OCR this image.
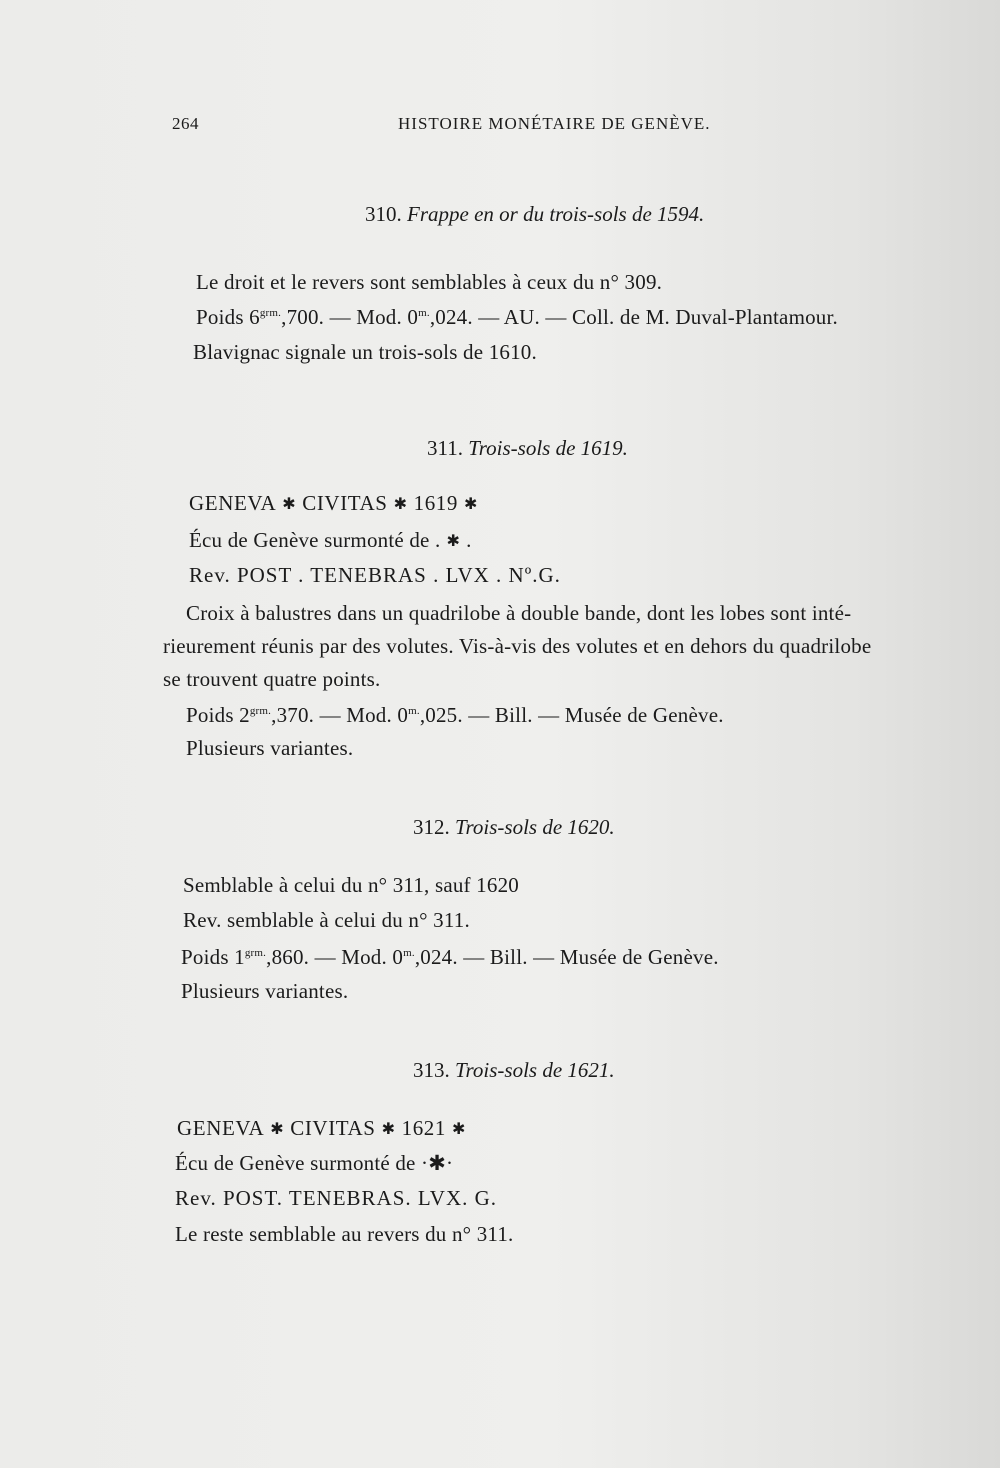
264	HISTOIRE MONÉTAIRE DE GENÈVE.
310. Frappe en or du trois-sols de 1594.
Le droit et le revers sont semblables à ceux du n° 309.
Poids $6^{grm.},700$. — Mod. $0^{m.},024$. — AU. — Coll. de M. Duval-Plantamour.
Blavignac signale un trois-sols de 1610.
311. Trois-sols de 1619.
GENEVA ✱ CIVITAS ✱ 1619 ✱
Écu de Genève surmonté de . ✱ .
Rev. POST . TENEBRAS . LVX . Nº.G.
Croix à balustres dans un quadrilobe à double bande, dont les lobes sont inté-
rieurement réunis par des volutes. Vis-à-vis des volutes et en dehors du quadrilobe
se trouvent quatre points.
Poids $2^{grm.},370$. — Mod. $0^{m.},025$. — Bill. — Musée de Genève.
Plusieurs variantes.
312. Trois-sols de 1620.
Semblable à celui du n° 311, sauf 1620
Rev. semblable à celui du n° 311.
Poids $1^{grm.},860$. — Mod. $0^{m.},024$. — Bill. — Musée de Genève.
Plusieurs variantes.
313. Trois-sols de 1621.
GENEVA ✱ CIVITAS ✱ 1621 ✱
Écu de Genève surmonté de ·✱·
Rev. POST. TENEBRAS. LVX. G.
Le reste semblable au revers du n° 311.
